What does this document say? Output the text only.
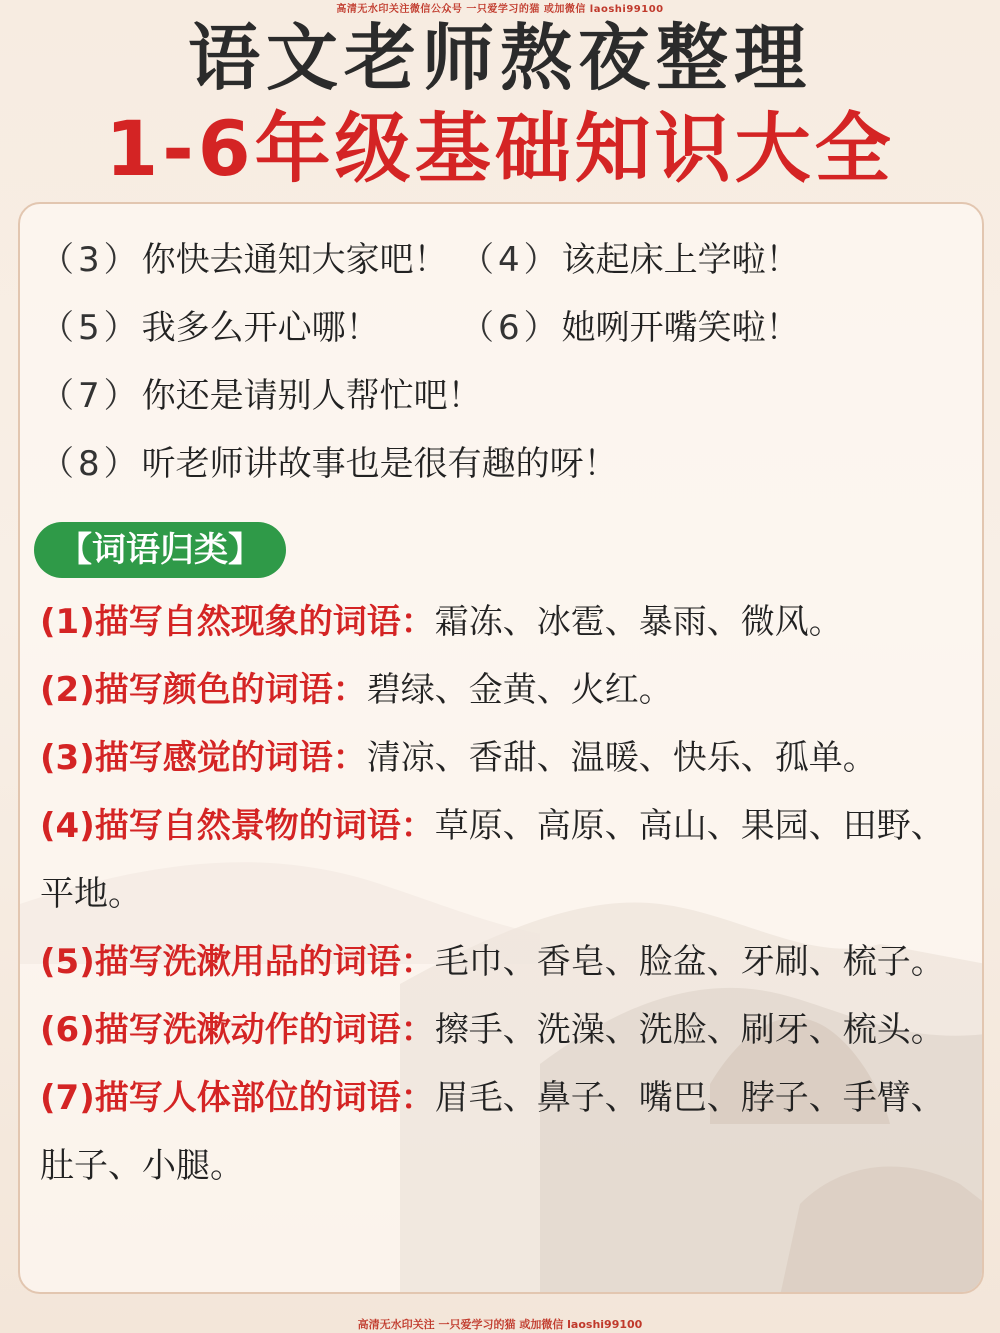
高清无水印关注微信公众号 一只爱学习的猫 或加微信 laoshi99100
语文老师熬夜整理
1-6年级基础知识大全
（3）你快去通知大家吧！ （4）该起床上学啦！
（5）我多么开心哪！ （6）她咧开嘴笑啦！
（7）你还是请别人帮忙吧！
（8）听老师讲故事也是很有趣的呀！
【词语归类】
(1)描写自然现象的词语：霜冻、冰雹、暴雨、微风。
(2)描写颜色的词语：碧绿、金黄、火红。
(3)描写感觉的词语：清凉、香甜、温暖、快乐、孤单。
(4)描写自然景物的词语：草原、高原、高山、果园、田野、
平地。
(5)描写洗漱用品的词语：毛巾、香皂、脸盆、牙刷、梳子。
(6)描写洗漱动作的词语：擦手、洗澡、洗脸、刷牙、梳头。
(7)描写人体部位的词语：眉毛、鼻子、嘴巴、脖子、手臂、
肚子、小腿。
高清无水印关注 一只爱学习的猫 或加微信 laoshi99100
